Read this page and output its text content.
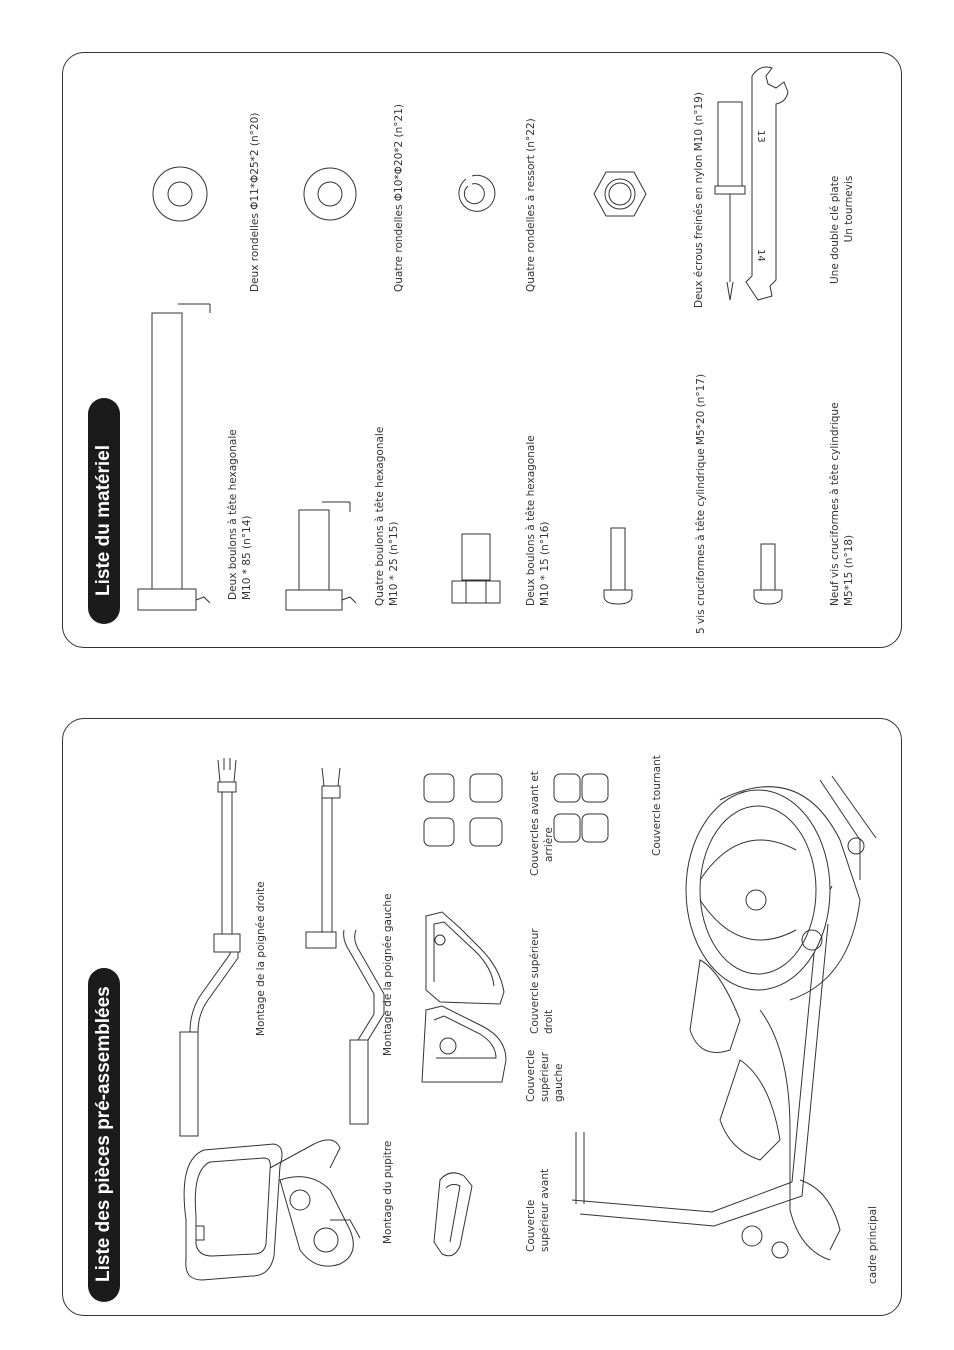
Liste du matériel
13
14
Deux boulons à tête hexagonale M10 * 85 (n°14)	Quatre boulons à tête hexagonale M10 * 25 (n°15)	Deux boulons à tête hexagonale M10 * 15 (n°16)	5 vis cruciformes à tête cylindrique M5*20 (n°17)	Neuf vis cruciformes à tête cylindrique M5*15 (n°18)
Deux rondelles Φ11*Φ25*2 (n°20)	Quatre rondelles Φ10*Φ20*2 (n°21)	Quatre rondelles à ressort (n°22)	Deux écrous freinés en nylon M10 (n°19)	Une double clé plate Un tournevis
Liste des pièces pré-assemblées	Montage du pupitre
Montage de la poignée droite	Montage de la poignée gauche
Couvercle supérieur avant
Couvercle supérieur gauche
Couvercle supérieur droit
Couvercles avant et arrière	Couvercle tournant
cadre principal
